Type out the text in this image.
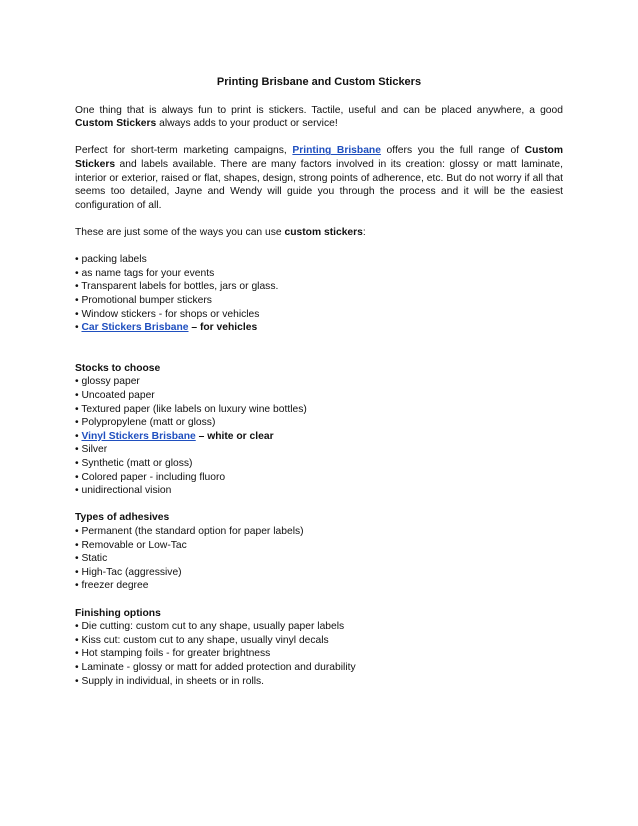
Printing Brisbane and Custom Stickers

One thing that is always fun to print is stickers. Tactile, useful and can be placed anywhere, a good Custom Stickers always adds to your product or service!

Perfect for short-term marketing campaigns, Printing Brisbane offers you the full range of Custom Stickers and labels available. There are many factors involved in its creation: glossy or matt laminate, interior or exterior, raised or flat, shapes, design, strong points of adherence, etc. But do not worry if all that seems too detailed, Jayne and Wendy will guide you through the process and it will be the easiest configuration of all.

These are just some of the ways you can use custom stickers:

• packing labels
• as name tags for your events
• Transparent labels for bottles, jars or glass.
• Promotional bumper stickers
• Window stickers - for shops or vehicles
• Car Stickers Brisbane – for vehicles
Stocks to choose
• glossy paper
• Uncoated paper
• Textured paper (like labels on luxury wine bottles)
• Polypropylene (matt or gloss)
• Vinyl Stickers Brisbane – white or clear
• Silver
• Synthetic (matt or gloss)
• Colored paper - including fluoro
• unidirectional vision
Types of adhesives
• Permanent (the standard option for paper labels)
• Removable or Low-Tac
• Static
• High-Tac (aggressive)
• freezer degree
Finishing options
• Die cutting: custom cut to any shape, usually paper labels
• Kiss cut: custom cut to any shape, usually vinyl decals
• Hot stamping foils - for greater brightness
• Laminate - glossy or matt for added protection and durability
• Supply in individual, in sheets or in rolls.
